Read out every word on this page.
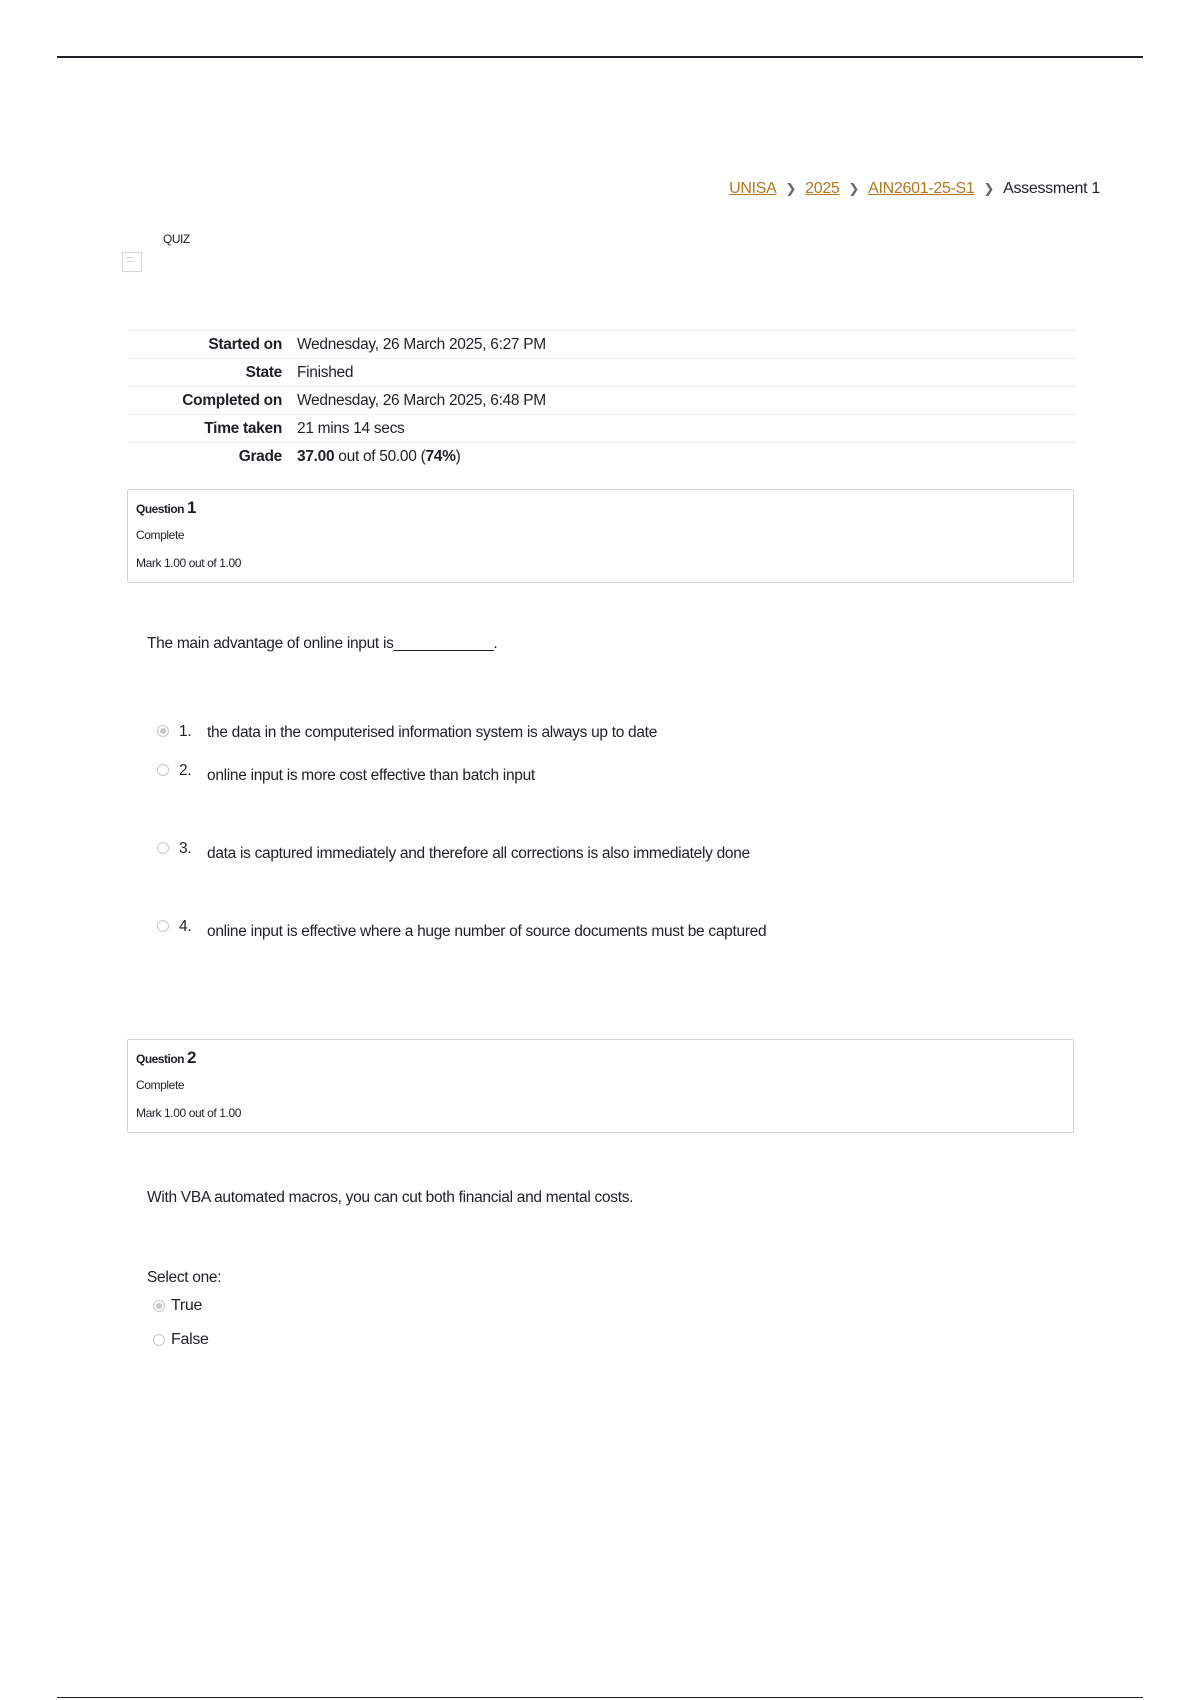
UNISA ❯ 2025 ❯ AIN2601-25-S1 ❯ Assessment 1
QUIZ
Started on	Wednesday, 26 March 2025, 6:27 PM
State	Finished
Completed on	Wednesday, 26 March 2025, 6:48 PM
Time taken	21 mins 14 secs
Grade	37.00 out of 50.00 (74%)
Question 1
Complete
Mark 1.00 out of 1.00
The main advantage of online input is____________.
1.	the data in the computerised information system is always up to date
2.	online input is more cost effective than batch input
3.	data is captured immediately and therefore all corrections is also immediately done
4.	online input is effective where a huge number of source documents must be captured
Question 2
Complete
Mark 1.00 out of 1.00
With VBA automated macros, you can cut both financial and mental costs.
Select one:
True
False
